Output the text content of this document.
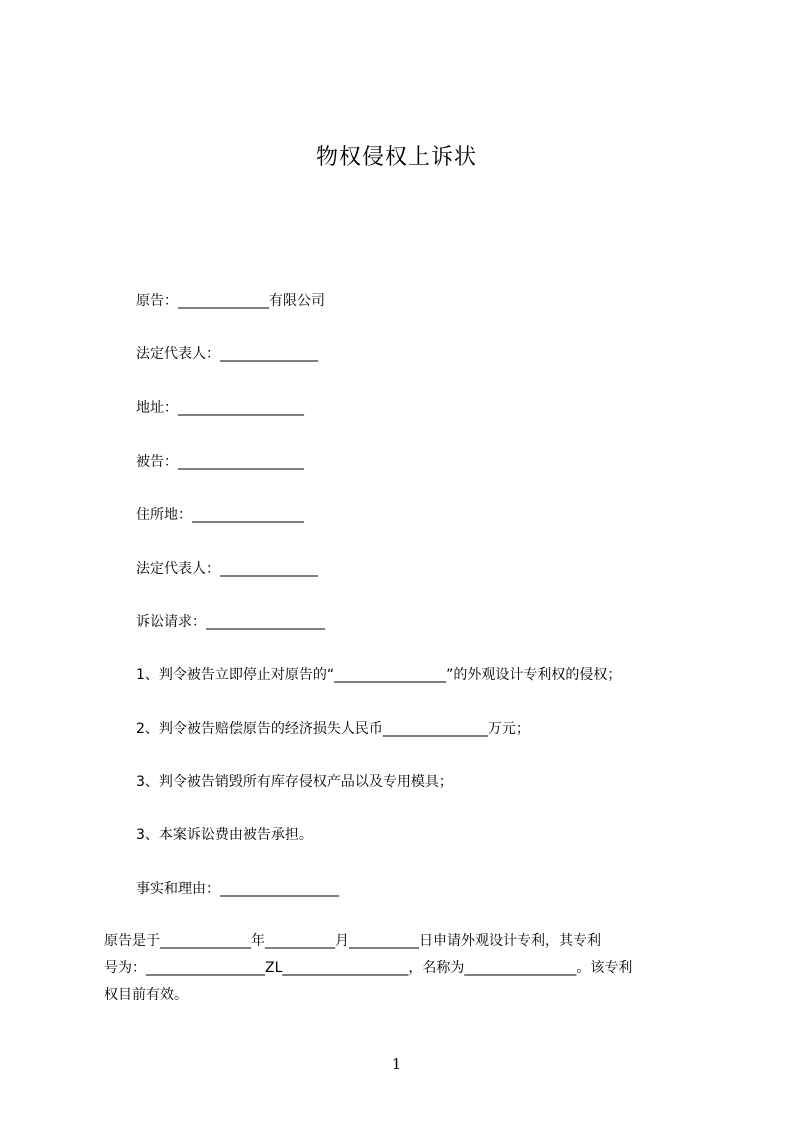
物权侵权上诉状
原告：_____________有限公司
法定代表人：______________
地址：__________________
被告：__________________
住所地：________________
法定代表人：______________
诉讼请求：_________________
1、判令被告立即停止对原告的“________________”的外观设计专利权的侵权；
2、判令被告赔偿原告的经济损失人民币_______________万元；
3、判令被告销毁所有库存侵权产品以及专用模具；
3、本案诉讼费由被告承担。
事实和理由：_________________
原告是于_____________年__________月__________日申请外观设计专利，其专利
号为：_________________ZL__________________，名称为________________。该专利
权目前有效。
1
